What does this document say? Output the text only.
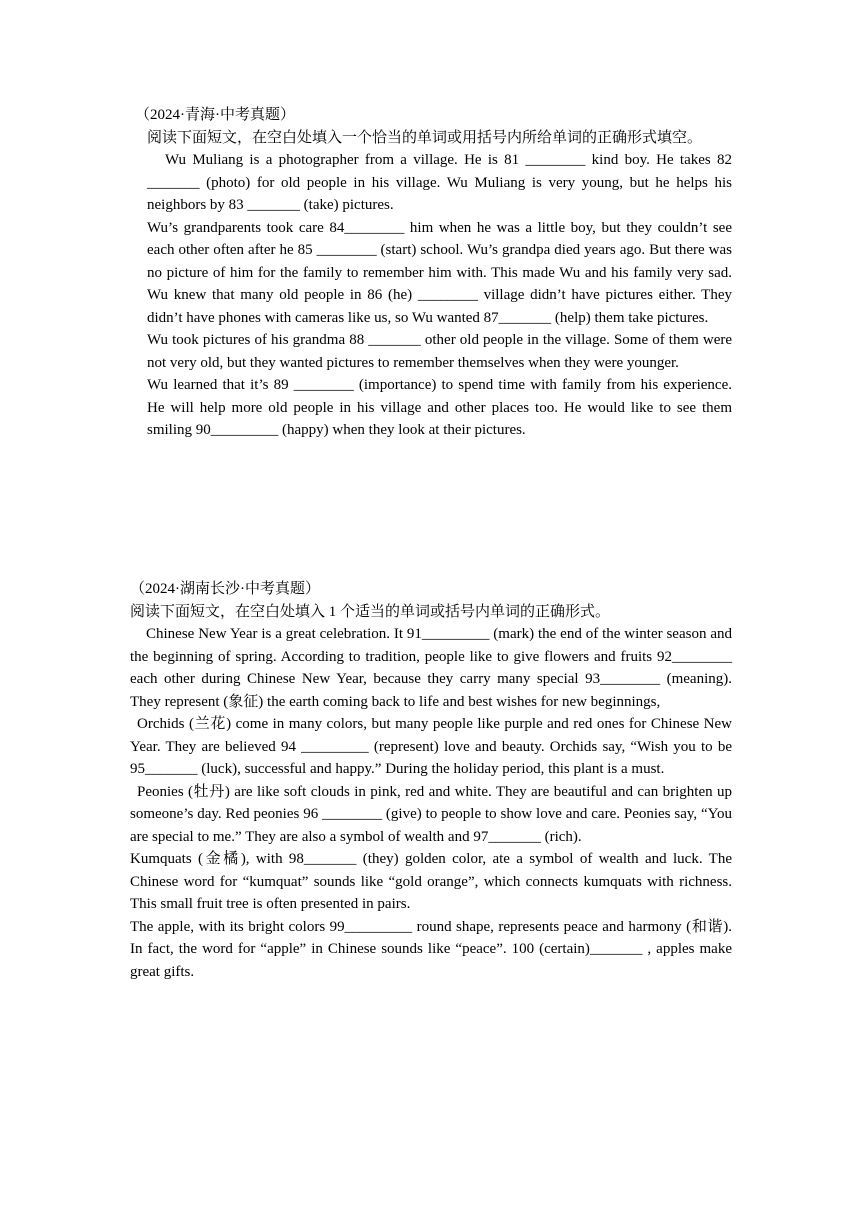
（2024·青海·中考真题）
阅读下面短文，在空白处填入一个恰当的单词或用括号内所给单词的正确形式填空。

Wu Muliang is a photographer from a village. He is 81 ________ kind boy. He takes 82 _______ (photo) for old people in his village. Wu Muliang is very young, but he helps his neighbors by 83 _______ (take) pictures.

Wu’s grandparents took care 84________ him when he was a little boy, but they couldn’t see each other often after he 85 ________ (start) school. Wu’s grandpa died years ago. But there was no picture of him for the family to remember him with. This made Wu and his family very sad. Wu knew that many old people in 86 (he) ________ village didn’t have pictures either. They didn’t have phones with cameras like us, so Wu wanted 87_______ (help) them take pictures.

Wu took pictures of his grandma 88 _______ other old people in the village. Some of them were not very old, but they wanted pictures to remember themselves when they were younger.

Wu learned that it’s 89 ________ (importance) to spend time with family from his experience. He will help more old people in his village and other places too. He would like to see them smiling 90_________ (happy) when they look at their pictures.

（2024·湖南长沙·中考真题）
阅读下面短文，在空白处填入 1 个适当的单词或括号内单词的正确形式。

Chinese New Year is a great celebration. It 91_________ (mark) the end of the winter season and the beginning of spring. According to tradition, people like to give flowers and fruits 92________ each other during Chinese New Year, because they carry many special 93________ (meaning). They represent (象征) the earth coming back to life and best wishes for new beginnings,

Orchids (兰花) come in many colors, but many people like purple and red ones for Chinese New Year. They are believed 94 _________ (represent) love and beauty. Orchids say, “Wish you to be 95_______ (luck), successful and happy.” During the holiday period, this plant is a must.

Peonies (牡丹) are like soft clouds in pink, red and white. They are beautiful and can brighten up someone’s day. Red peonies 96 ________ (give) to people to show love and care. Peonies say, “You are special to me.” They are also a symbol of wealth and 97_______ (rich).

Kumquats (金橘), with 98_______ (they) golden color, ate a symbol of wealth and luck. The Chinese word for “kumquat” sounds like “gold orange”, which connects kumquats with richness. This small fruit tree is often presented in pairs.

The apple, with its bright colors 99_________ round shape, represents peace and harmony (和谐). In fact, the word for “apple” in Chinese sounds like “peace”. 100 (certain)_______ , apples make great gifts.
